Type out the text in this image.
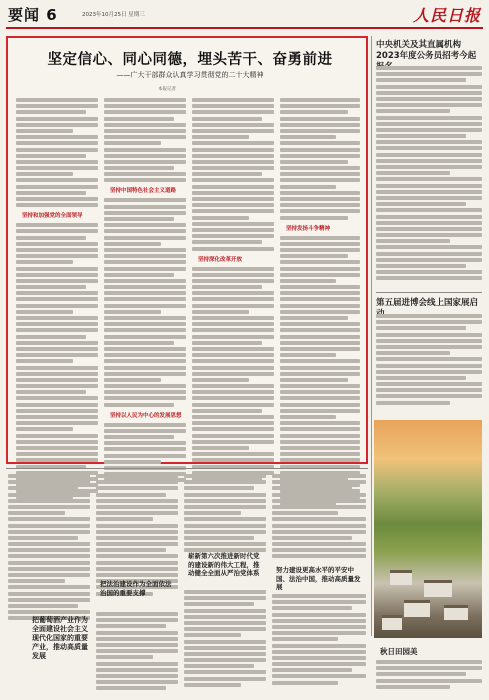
要闻 6	2023年10月25日 星期三	人民日报
坚定信心、同心同德，埋头苦干、奋勇前进
——广大干部群众认真学习贯彻党的二十大精神
本报记者
坚持和加强党的全面领导
坚持中国特色社会主义道路
坚持以人民为中心的发展思想
坚持深化改革开放
坚持发扬斗争精神
中央机关及其直属机构2023年度公务员招考今起
第五届进博会线上国家展启
秋日田园美
把葡萄酒产业作为全面建设社会主义现代化国家的重要产业，推动高质量发展
把法治建设作为全面依法治国的重要支撑
崭新第六次推进新时代党的建设新的伟大工程，推动健全全面从严治党体系	努力建设更高水平的平安中国、法治中国，推动高质量发展
